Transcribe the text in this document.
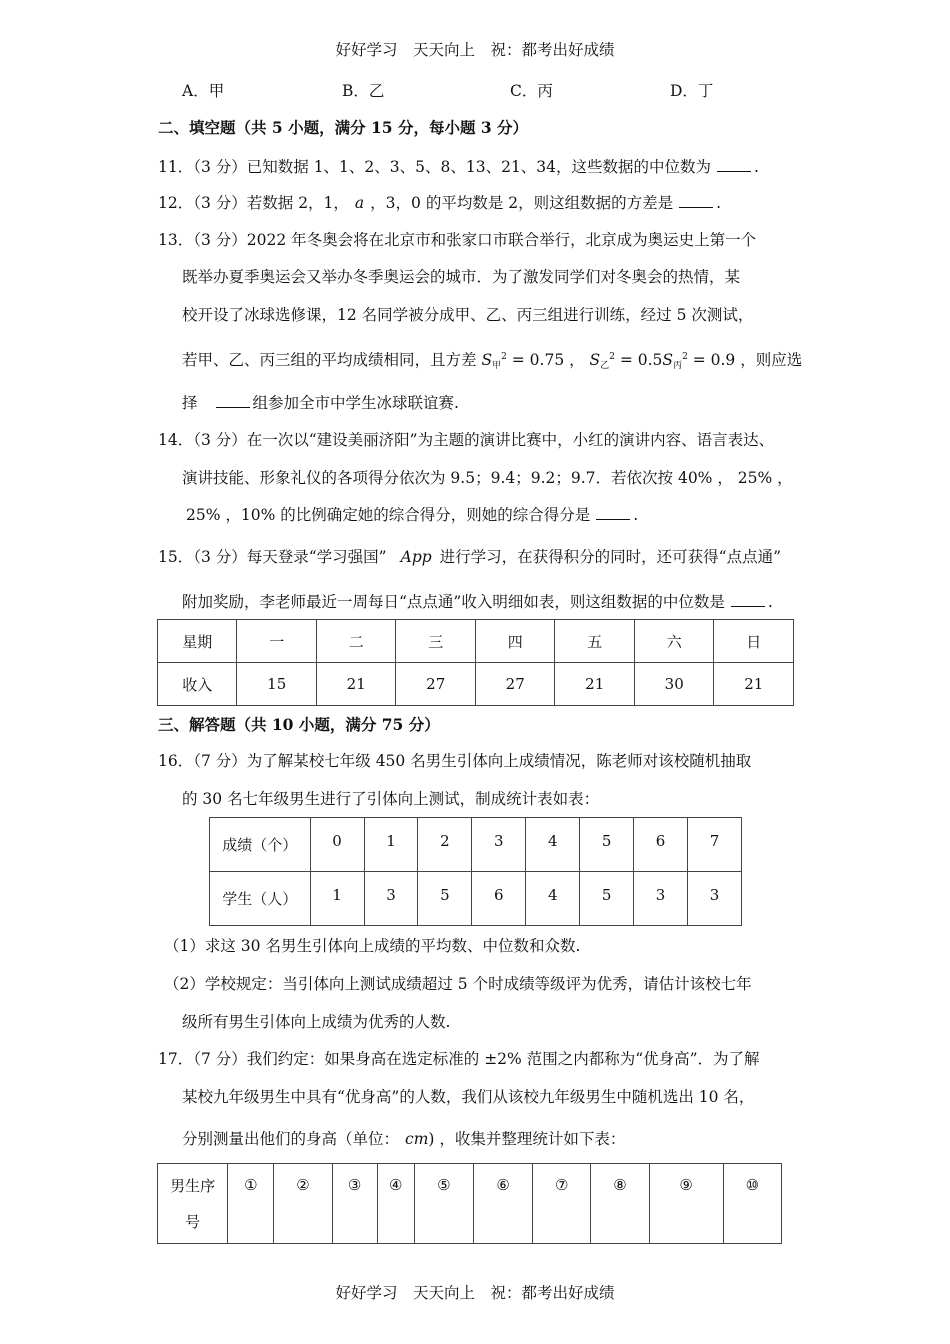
好好学习　天天向上　祝：都考出好成绩
A．甲	B．乙	C．丙	D．丁
二、填空题（共 5 小题，满分 15 分，每小题 3 分）
11．（3 分）已知数据 1、1、2、3、5、8、13、21、34，这些数据的中位数为	.
12．（3 分）若数据 2，1， a ，3，0 的平均数是 2，则这组数据的方差是	.
13．（3 分）2022 年冬奥会将在北京市和张家口市联合举行，北京成为奥运史上第一个
既举办夏季奥运会又举办冬季奥运会的城市．为了激发同学们对冬奥会的热情，某
校开设了冰球选修课，12 名同学被分成甲、乙、丙三组进行训练，经过 5 次测试，
若甲、乙、丙三组的平均成绩相同，且方差 $S_甲^2 = 0.75$ ， $S_乙^2 = 0.5S_丙^2 = 0.9$ ，则应选
择	组参加全市中学生冰球联谊赛.
14．（3 分）在一次以“建设美丽济阳”为主题的演讲比赛中，小红的演讲内容、语言表达、
演讲技能、形象礼仪的各项得分依次为 9.5；9.4；9.2；9.7．若依次按 40% ， 25% ，
25% ，10% 的比例确定她的综合得分，则她的综合得分是	.
15．（3 分）每天登录“学习强国” App 进行学习，在获得积分的同时，还可获得“点点通”
附加奖励，李老师最近一周每日“点点通”收入明细如表，则这组数据的中位数是	.
星期	一	二	三	四	五	六	日
收入	15	21	27	27	21	30	21
三、解答题（共 10 小题，满分 75 分）
16．（7 分）为了解某校七年级 450 名男生引体向上成绩情况，陈老师对该校随机抽取
的 30 名七年级男生进行了引体向上测试，制成统计表如表：
成绩（个）	0	1	2	3	4	5	6	7
学生（人）	1	3	5	6	4	5	3	3
（1）求这 30 名男生引体向上成绩的平均数、中位数和众数.
（2）学校规定：当引体向上测试成绩超过 5 个时成绩等级评为优秀，请估计该校七年
级所有男生引体向上成绩为优秀的人数.
17．（7 分）我们约定：如果身高在选定标准的 ±2% 范围之内都称为“优身高”．为了解
某校九年级男生中具有“优身高”的人数，我们从该校九年级男生中随机选出 10 名，
分别测量出他们的身高（单位： cm) ，收集并整理统计如下表：
男生序
号	①	②	③	④	⑤	⑥	⑦	⑧	⑨	⑩
好好学习　天天向上　祝：都考出好成绩
